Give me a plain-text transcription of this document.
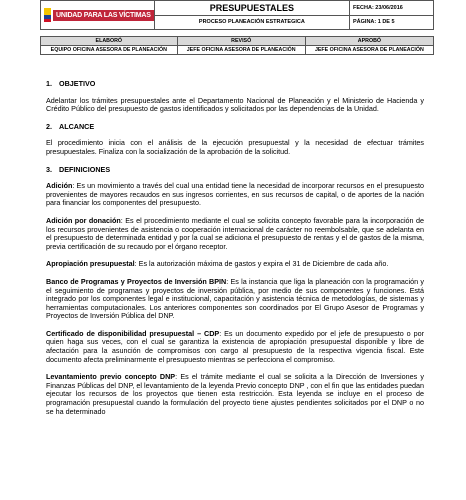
UNIDAD PARA LAS VÍCTIMAS	PRESUPUESTALES	FECHA: 23/06/2016
	PROCESO PLANEACIÓN ESTRATEGICA	PÁGINA: 1 DE 5
ELABORÓ	REVISÓ	APROBÓ
EQUIPO OFICINA ASESORA DE PLANEACIÓN	JEFE OFICINA ASESORA DE PLANEACIÓN	JEFE OFICINA ASESORA DE PLANEACIÓN

1. OBJETIVO

Adelantar los trámites presupuestales ante el Departamento Nacional de Planeación y el Ministerio de Hacienda y Crédito Público del presupuesto de gastos identificados y solicitados por las dependencias de la Unidad.

2. ALCANCE

El procedimiento inicia con el análisis de la ejecución presupuestal y la necesidad de efectuar trámites presupuestales. Finaliza con la socialización de la aprobación de la solicitud.

3. DEFINICIONES

Adición: Es un movimiento a través del cual una entidad tiene la necesidad de incorporar recursos en el presupuesto provenientes de mayores recaudos en sus ingresos corrientes, en sus recursos de capital, o de aportes de la nación para financiar los componentes del presupuesto.

Adición por donación: Es el procedimiento mediante el cual se solicita concepto favorable para la incorporación de los recursos provenientes de asistencia o cooperación internacional de carácter no reembolsable, que se adelanta en el presupuesto de determinada entidad y por la cual se adiciona el presupuesto de rentas y el de gastos de la misma, previa certificación de su recaudo por el órgano receptor.

Apropiación presupuestal: Es la autorización máxima de gastos y expira el 31 de Diciembre de cada año.

Banco de Programas y Proyectos de Inversión BPIN: Es la instancia que liga la planeación con la programación y el seguimiento de programas y proyectos de inversión pública, por medio de sus componentes y funciones. Está integrado por los componentes legal e institucional, capacitación y asistencia técnica de metodologías, de sistemas y herramientas computacionales. Los anteriores componentes son coordinados por El Grupo Asesor de Programas y Proyectos de Inversión Pública del DNP.

Certificado de disponibilidad presupuestal – CDP: Es un documento expedido por el jefe de presupuesto o por quien haga sus veces, con el cual se garantiza la existencia de apropiación presupuestal disponible y libre de afectación para la asunción de compromisos con cargo al presupuesto de la respectiva vigencia fiscal. Este documento afecta preliminarmente el presupuesto mientras se perfecciona el compromiso.

Levantamiento previo concepto DNP: Es el trámite mediante el cual se solicita a la Dirección de Inversiones y Finanzas Públicas del DNP, el levantamiento de la leyenda Previo concepto DNP , con el fin que las entidades puedan ejecutar los recursos de los proyectos que tienen esta restricción. Esta leyenda se incluye en el proceso de programación presupuestal cuando la formulación del proyecto tiene ajustes pendientes solicitados por el DNP o no se ha determinado
